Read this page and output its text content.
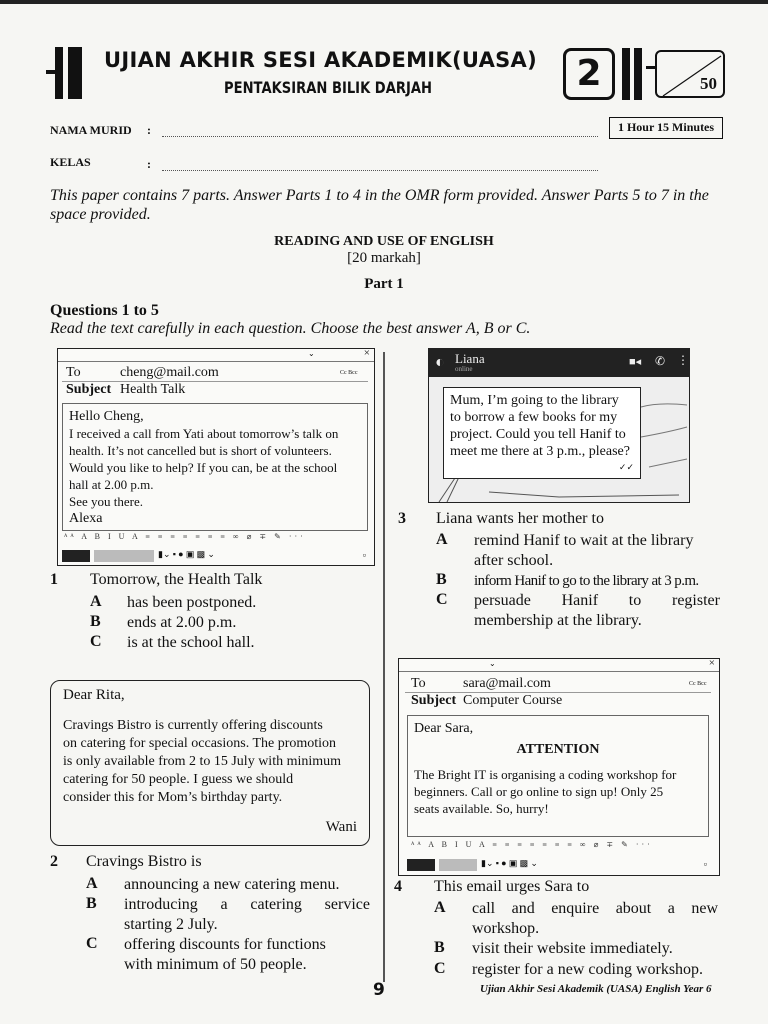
UJIAN AKHIR SESI AKADEMIK(UASA)
PENTAKSIRAN BILIK DARJAH	2	50
NAMA MURID :	1 Hour 15 Minutes
KELAS	:
This paper contains 7 parts. Answer Parts 1 to 4 in the OMR form provided. Answer Parts 5 to 7 in the space provided.
READING AND USE OF ENGLISH
[20 markah]
Part 1
Questions 1 to 5
Read the text carefully in each question. Choose the best answer A, B or C.
⌄	×
To	cheng@mail.com	Cc Bcc
Subject Health Talk
Hello Cheng,
I received a call from Yati about tomorrow’s talk on
health. It’s not cancelled but is short of volunteers.
Would you like to help? If you can, be at the school
hall at 2.00 p.m.
See you there.
Alexa
ᴬᴬ A B I U A ≡ ≡ ≡ ≡ ≡ ≡ ≡ ∞ ⌀ ∓ ✎ ···
▮⌄ ▪ ● ▣ ▩ ⌄	▫
1 Tomorrow, the Health Talk
A has been postponed.
B ends at 2.00 p.m.
C is at the school hall.
Dear Rita,
Cravings Bistro is currently offering discounts
on catering for special occasions. The promotion
is only available from 2 to 15 July with minimum
catering for 50 people. I guess we should
consider this for Mom’s birthday party.
Wani
2 Cravings Bistro is
A announcing a new catering menu.
B introducing a catering service
starting 2 July.
C offering discounts for functions
with minimum of 50 people.
◐ Liana
online
■◂ ✆ ⋮
Mum, I’m going to the library
to borrow a few books for my
project. Could you tell Hanif to
meet me there at 3 p.m., please?
✓✓
3 Liana wants her mother to
A remind Hanif to wait at the library
after school.
B inform Hanif to go to the library at 3 p.m.
C persuade Hanif to register
membership at the library.
⌄	×
To	sara@mail.com	Cc Bcc
Subject Computer Course
Dear Sara,
ATTENTION
The Bright IT is organising a coding workshop for
beginners. Call or go online to sign up! Only 25
seats available. So, hurry!
ᴬᴬ A B I U A ≡ ≡ ≡ ≡ ≡ ≡ ≡ ∞ ⌀ ∓ ✎ ···
▮⌄ ▪ ● ▣ ▩ ⌄	▫
4 This email urges Sara to
A call and enquire about a new
workshop.
B visit their website immediately.
C register for a new coding workshop.
9	Ujian Akhir Sesi Akademik (UASA) English Year 6
